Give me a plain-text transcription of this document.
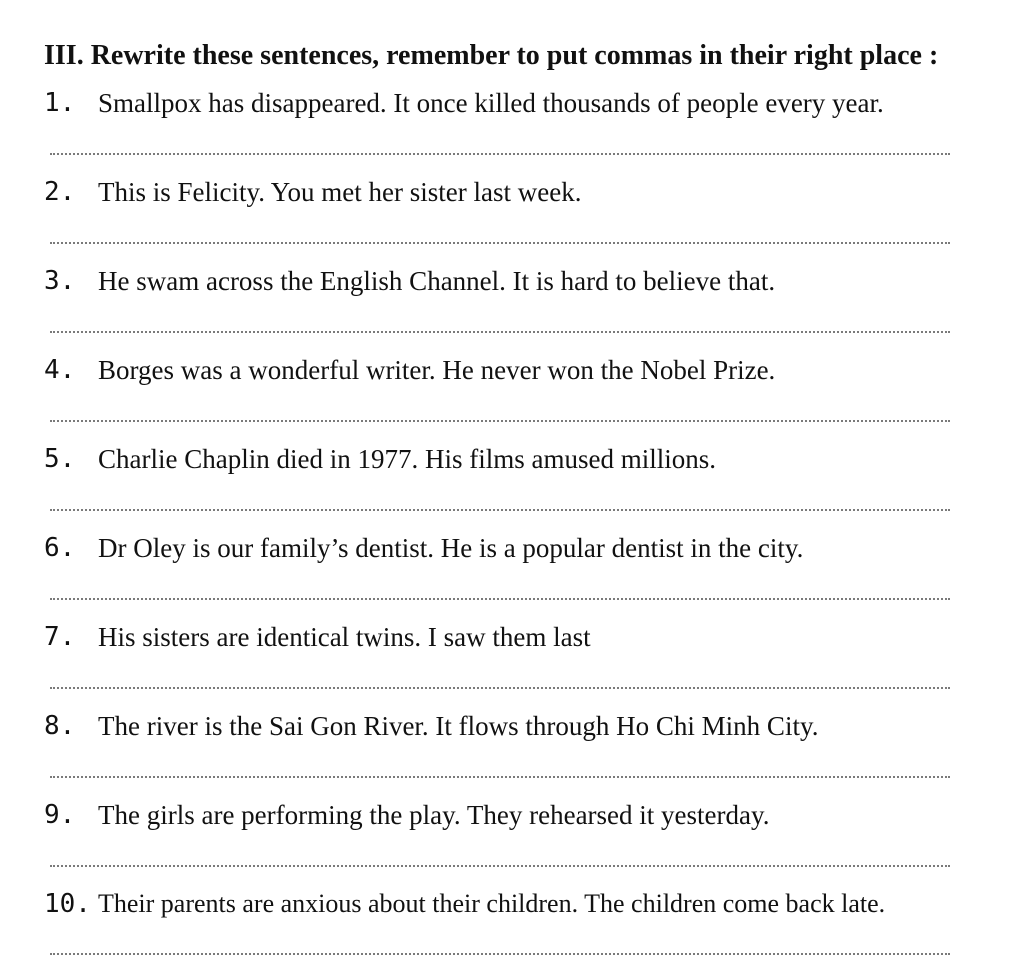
III. Rewrite these sentences, remember to put commas in their right place :
1. Smallpox has disappeared. It once killed thousands of people every year.
2. This is Felicity. You met her sister last week.
3. He swam across the English Channel. It is hard to believe that.
4. Borges was a wonderful writer. He never won the Nobel Prize.
5. Charlie Chaplin died in 1977. His films amused millions.
6. Dr Oley is our family’s dentist. He is a popular dentist in the city.
7. His sisters are identical twins. I saw them last
8. The river is the Sai Gon River. It flows through Ho Chi Minh City.
9. The girls are performing the play. They rehearsed it yesterday.
10. Their parents are anxious about their children. The children come back late.
